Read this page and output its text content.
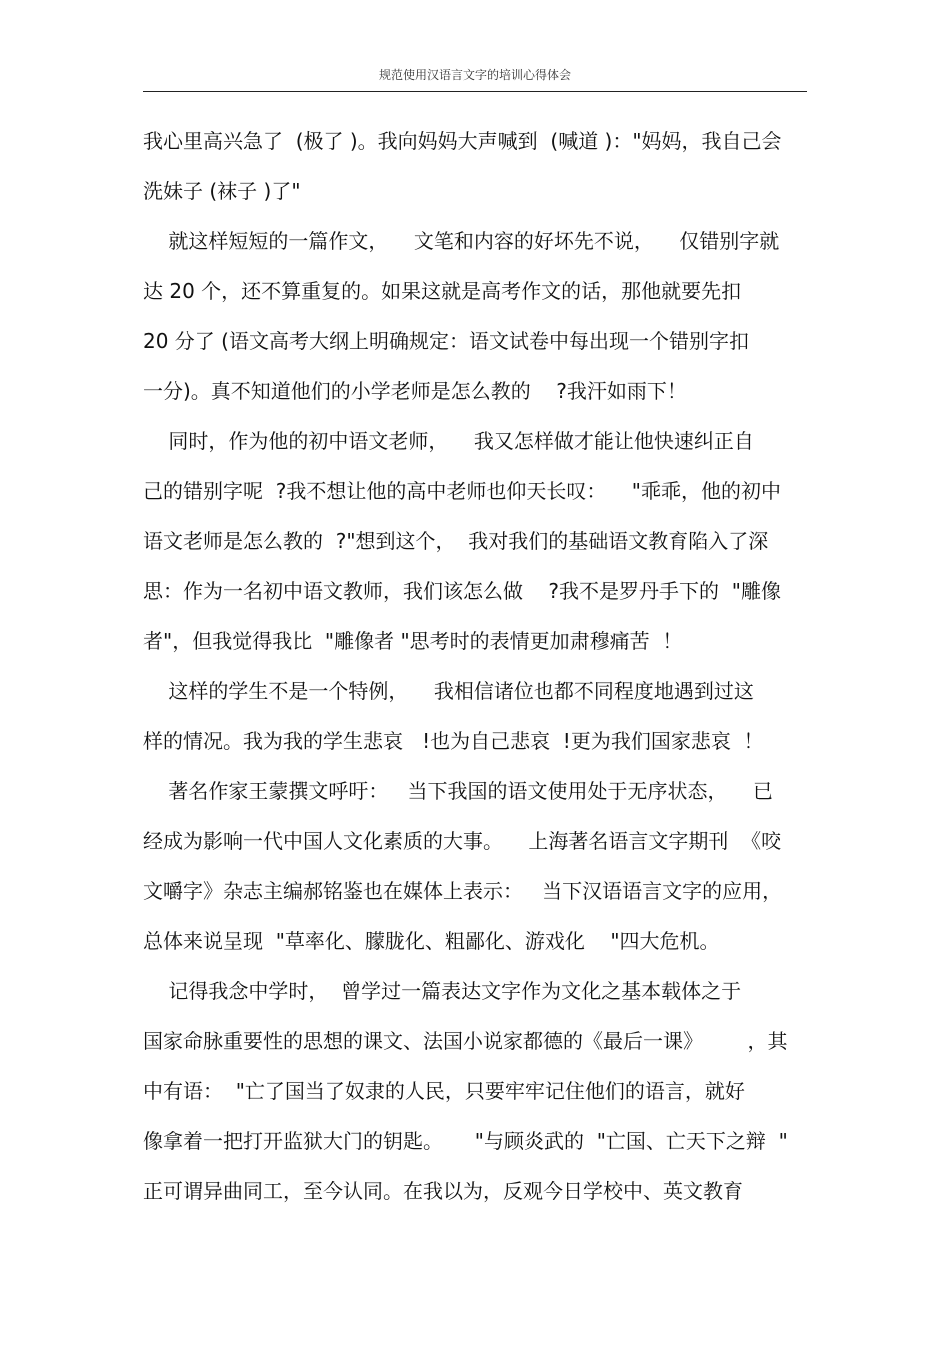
规范使用汉语言文字的培训心得体会
我心里高兴急了  (极了 )。我向妈妈大声喊到  (喊道 )："妈妈，我自己会
洗妹子 (袜子 )了"
就这样短短的一篇作文，    文笔和内容的好坏先不说，    仅错别字就
达 20 个，还不算重复的。如果这就是高考作文的话，那他就要先扣
20 分了 (语文高考大纲上明确规定：语文试卷中每出现一个错别字扣
一分)。真不知道他们的小学老师是怎么教的    ?我汗如雨下！
同时，作为他的初中语文老师，    我又怎样做才能让他快速纠正自
己的错别字呢  ?我不想让他的高中老师也仰天长叹：    "乖乖，他的初中
语文老师是怎么教的  ?"想到这个，  我对我们的基础语文教育陷入了深
思：作为一名初中语文教师，我们该怎么做    ?我不是罗丹手下的  "雕像
者"，但我觉得我比  "雕像者 "思考时的表情更加肃穆痛苦  ！
这样的学生不是一个特例，    我相信诸位也都不同程度地遇到过这
样的情况。我为我的学生悲哀   !也为自己悲哀  !更为我们国家悲哀  ！
著名作家王蒙撰文呼吁：   当下我国的语文使用处于无序状态，    已
经成为影响一代中国人文化素质的大事。    上海著名语言文字期刊  《咬
文嚼字》杂志主编郝铭鉴也在媒体上表示：   当下汉语语言文字的应用，
总体来说呈现  "草率化、朦胧化、粗鄙化、游戏化    "四大危机。
记得我念中学时，  曾学过一篇表达文字作为文化之基本载体之于
国家命脉重要性的思想的课文、法国小说家都德的《最后一课》       ，其
中有语：  "亡了国当了奴隶的人民，只要牢牢记住他们的语言，就好
像拿着一把打开监狱大门的钥匙。     "与顾炎武的  "亡国、亡天下之辩  "
正可谓异曲同工，至今认同。在我以为，反观今日学校中、英文教育
